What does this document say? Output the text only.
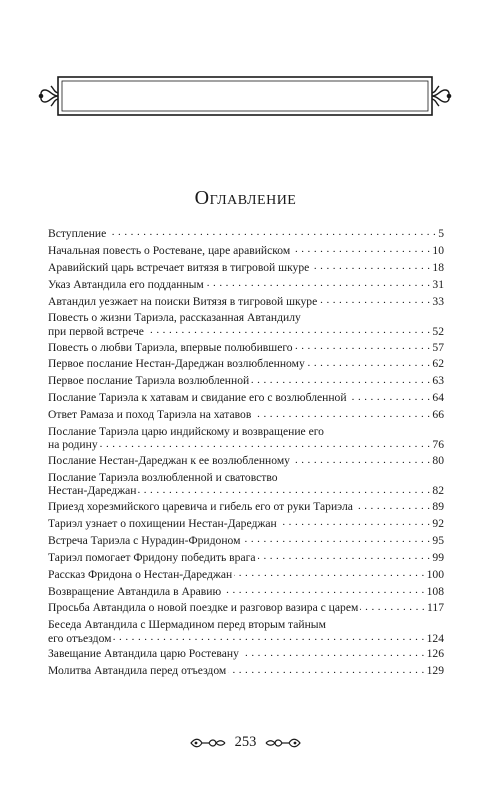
Оглавление
Вступление . . .	5
Начальная повесть о Ростеване, царе аравийском . . .	10
Аравийский царь встречает витязя в тигровой шкуре . . .	18
Указ Автандила его подданным . . .	31
Автандил уезжает на поиски Витязя в тигровой шкуре . . .	33
Повесть о жизни Тариэла, рассказанная Автандилу
при первой встрече . . .	52
Повесть о любви Тариэла, впервые полюбившего . . .	57
Первое послание Нестан-Дареджан возлюбленному . . .	62
Первое послание Тариэла возлюбленной . . .	63
Послание Тариэла к хатавам и свидание его с возлюбленной . . .	64
Ответ Рамаза и поход Тариэла на хатавов . . .	66
Послание Тариэла царю индийскому и возвращение его
на родину . . .	76
Послание Нестан-Дареджан к ее возлюбленному . . .	80
Послание Тариэла возлюбленной и сватовство
Нестан-Дареджан . . .	82
Приезд хорезмийского царевича и гибель его от руки Тариэла . . .	89
Тариэл узнает о похищении Нестан-Дареджан . . .	92
Встреча Тариэла с Нурадин-Фридоном . . .	95
Тариэл помогает Фридону победить врага . . .	99
Рассказ Фридона о Нестан-Дареджан . . .	100
Возвращение Автандила в Аравию . . .	108
Просьба Автандила о новой поездке и разговор вазира с царем . . .	117
Беседа Автандила с Шермадином перед вторым тайным
его отъездом . . .	124
Завещание Автандила царю Ростевану . . .	126
Молитва Автандила перед отъездом . . .	129
253
